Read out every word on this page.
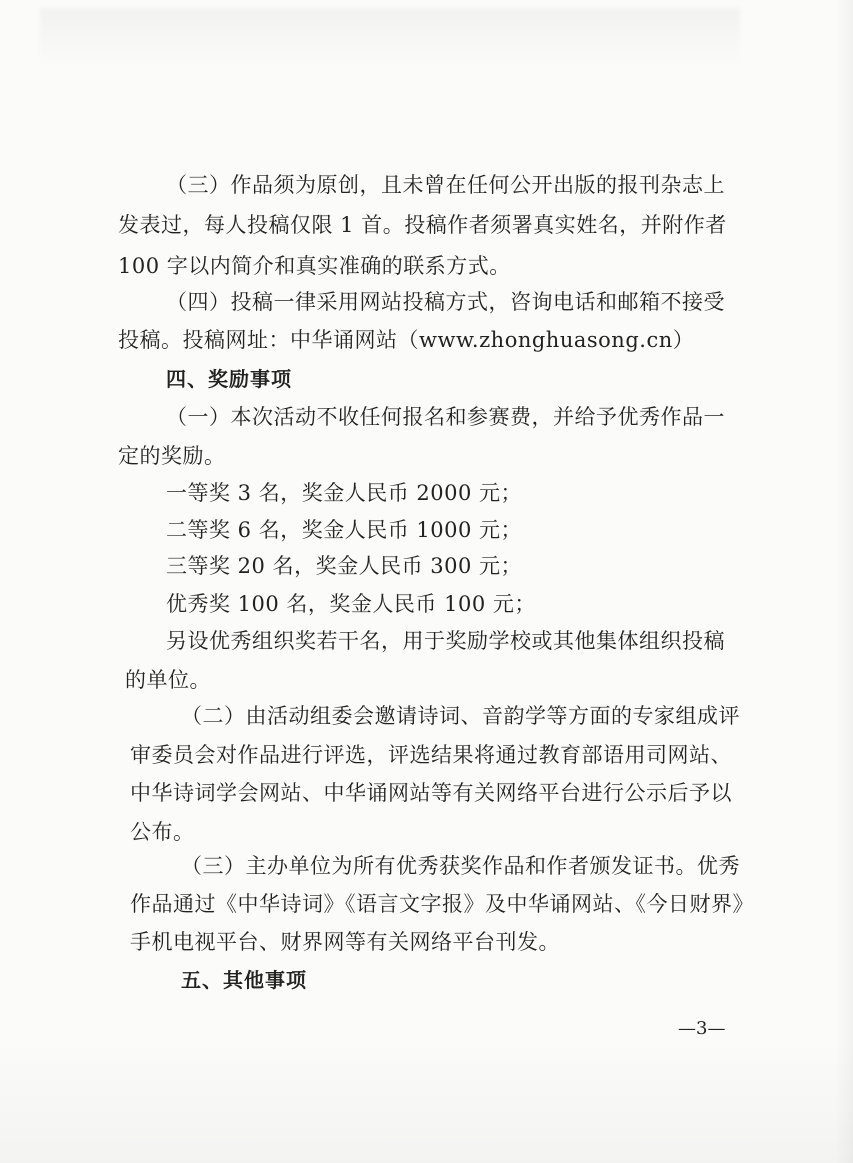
（三）作品须为原创，且未曾在任何公开出版的报刊杂志上
发表过，每人投稿仅限 1 首。投稿作者须署真实姓名，并附作者
100 字以内简介和真实准确的联系方式。
（四）投稿一律采用网站投稿方式，咨询电话和邮箱不接受
投稿。投稿网址：中华诵网站（www.zhonghuasong.cn）
四、奖励事项
（一）本次活动不收任何报名和参赛费，并给予优秀作品一
定的奖励。
一等奖 3 名，奖金人民币 2000 元；
二等奖 6 名，奖金人民币 1000 元；
三等奖 20 名，奖金人民币 300 元；
优秀奖 100 名，奖金人民币 100 元；
另设优秀组织奖若干名，用于奖励学校或其他集体组织投稿
的单位。
（二）由活动组委会邀请诗词、音韵学等方面的专家组成评
审委员会对作品进行评选，评选结果将通过教育部语用司网站、
中华诗词学会网站、中华诵网站等有关网络平台进行公示后予以
公布。
（三）主办单位为所有优秀获奖作品和作者颁发证书。优秀
作品通过《中华诗词》《语言文字报》及中华诵网站、《今日财界》
手机电视平台、财界网等有关网络平台刊发。
五、其他事项
—3—
